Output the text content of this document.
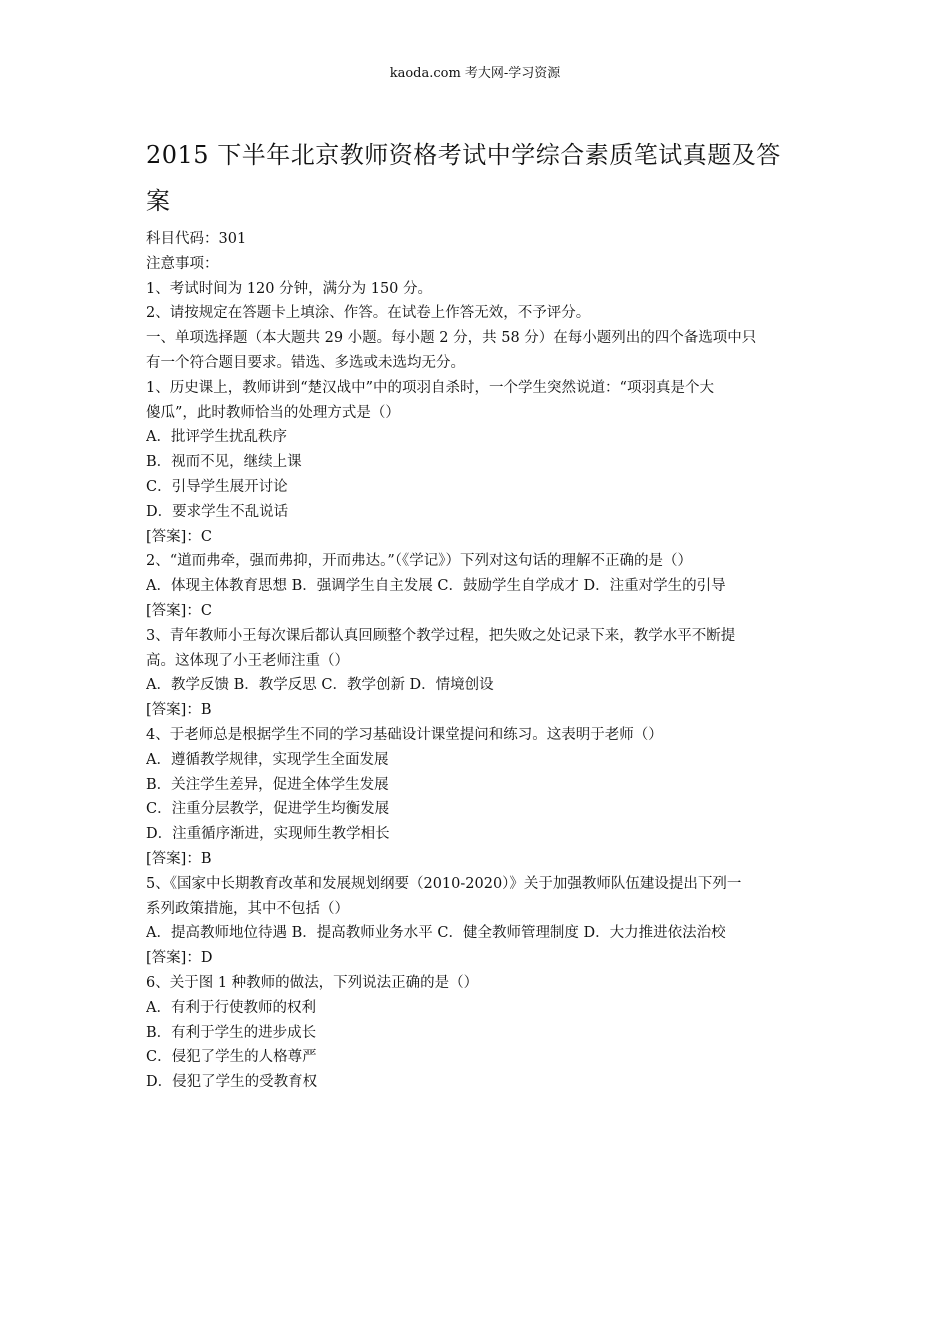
kaoda.com 考大网-学习资源
2015 下半年北京教师资格考试中学综合素质笔试真题及答
案
科目代码：301
注意事项：
1、考试时间为 120 分钟，满分为 150 分。
2、请按规定在答题卡上填涂、作答。在试卷上作答无效，不予评分。
一、单项选择题（本大题共 29 小题。每小题 2 分，共 58 分）在每小题列出的四个备选项中只
有一个符合题目要求。错选、多选或未选均无分。
1、历史课上，教师讲到“楚汉战中”中的项羽自杀时，一个学生突然说道：“项羽真是个大
傻瓜”，此时教师恰当的处理方式是（）
A．批评学生扰乱秩序
B．视而不见，继续上课
C．引导学生展开讨论
D．要求学生不乱说话
[答案]：C
2、“道而弗牵，强而弗抑，开而弗达。”（《学记》）下列对这句话的理解不正确的是（）
A．体现主体教育思想 B．强调学生自主发展 C．鼓励学生自学成才 D．注重对学生的引导
[答案]：C
3、青年教师小王每次课后都认真回顾整个教学过程，把失败之处记录下来，教学水平不断提
高。这体现了小王老师注重（）
A．教学反馈 B．教学反思 C．教学创新 D．情境创设
[答案]：B
4、于老师总是根据学生不同的学习基础设计课堂提问和练习。这表明于老师（）
A．遵循教学规律，实现学生全面发展
B．关注学生差异，促进全体学生发展
C．注重分层教学，促进学生均衡发展
D．注重循序渐进，实现师生教学相长
[答案]：B
5、《国家中长期教育改革和发展规划纲要（2010-2020）》关于加强教师队伍建设提出下列一
系列政策措施，其中不包括（）
A．提高教师地位待遇 B．提高教师业务水平 C．健全教师管理制度 D．大力推进依法治校
[答案]：D
6、关于图 1 种教师的做法，下列说法正确的是（）
A．有利于行使教师的权利
B．有利于学生的进步成长
C．侵犯了学生的人格尊严
D．侵犯了学生的受教育权
